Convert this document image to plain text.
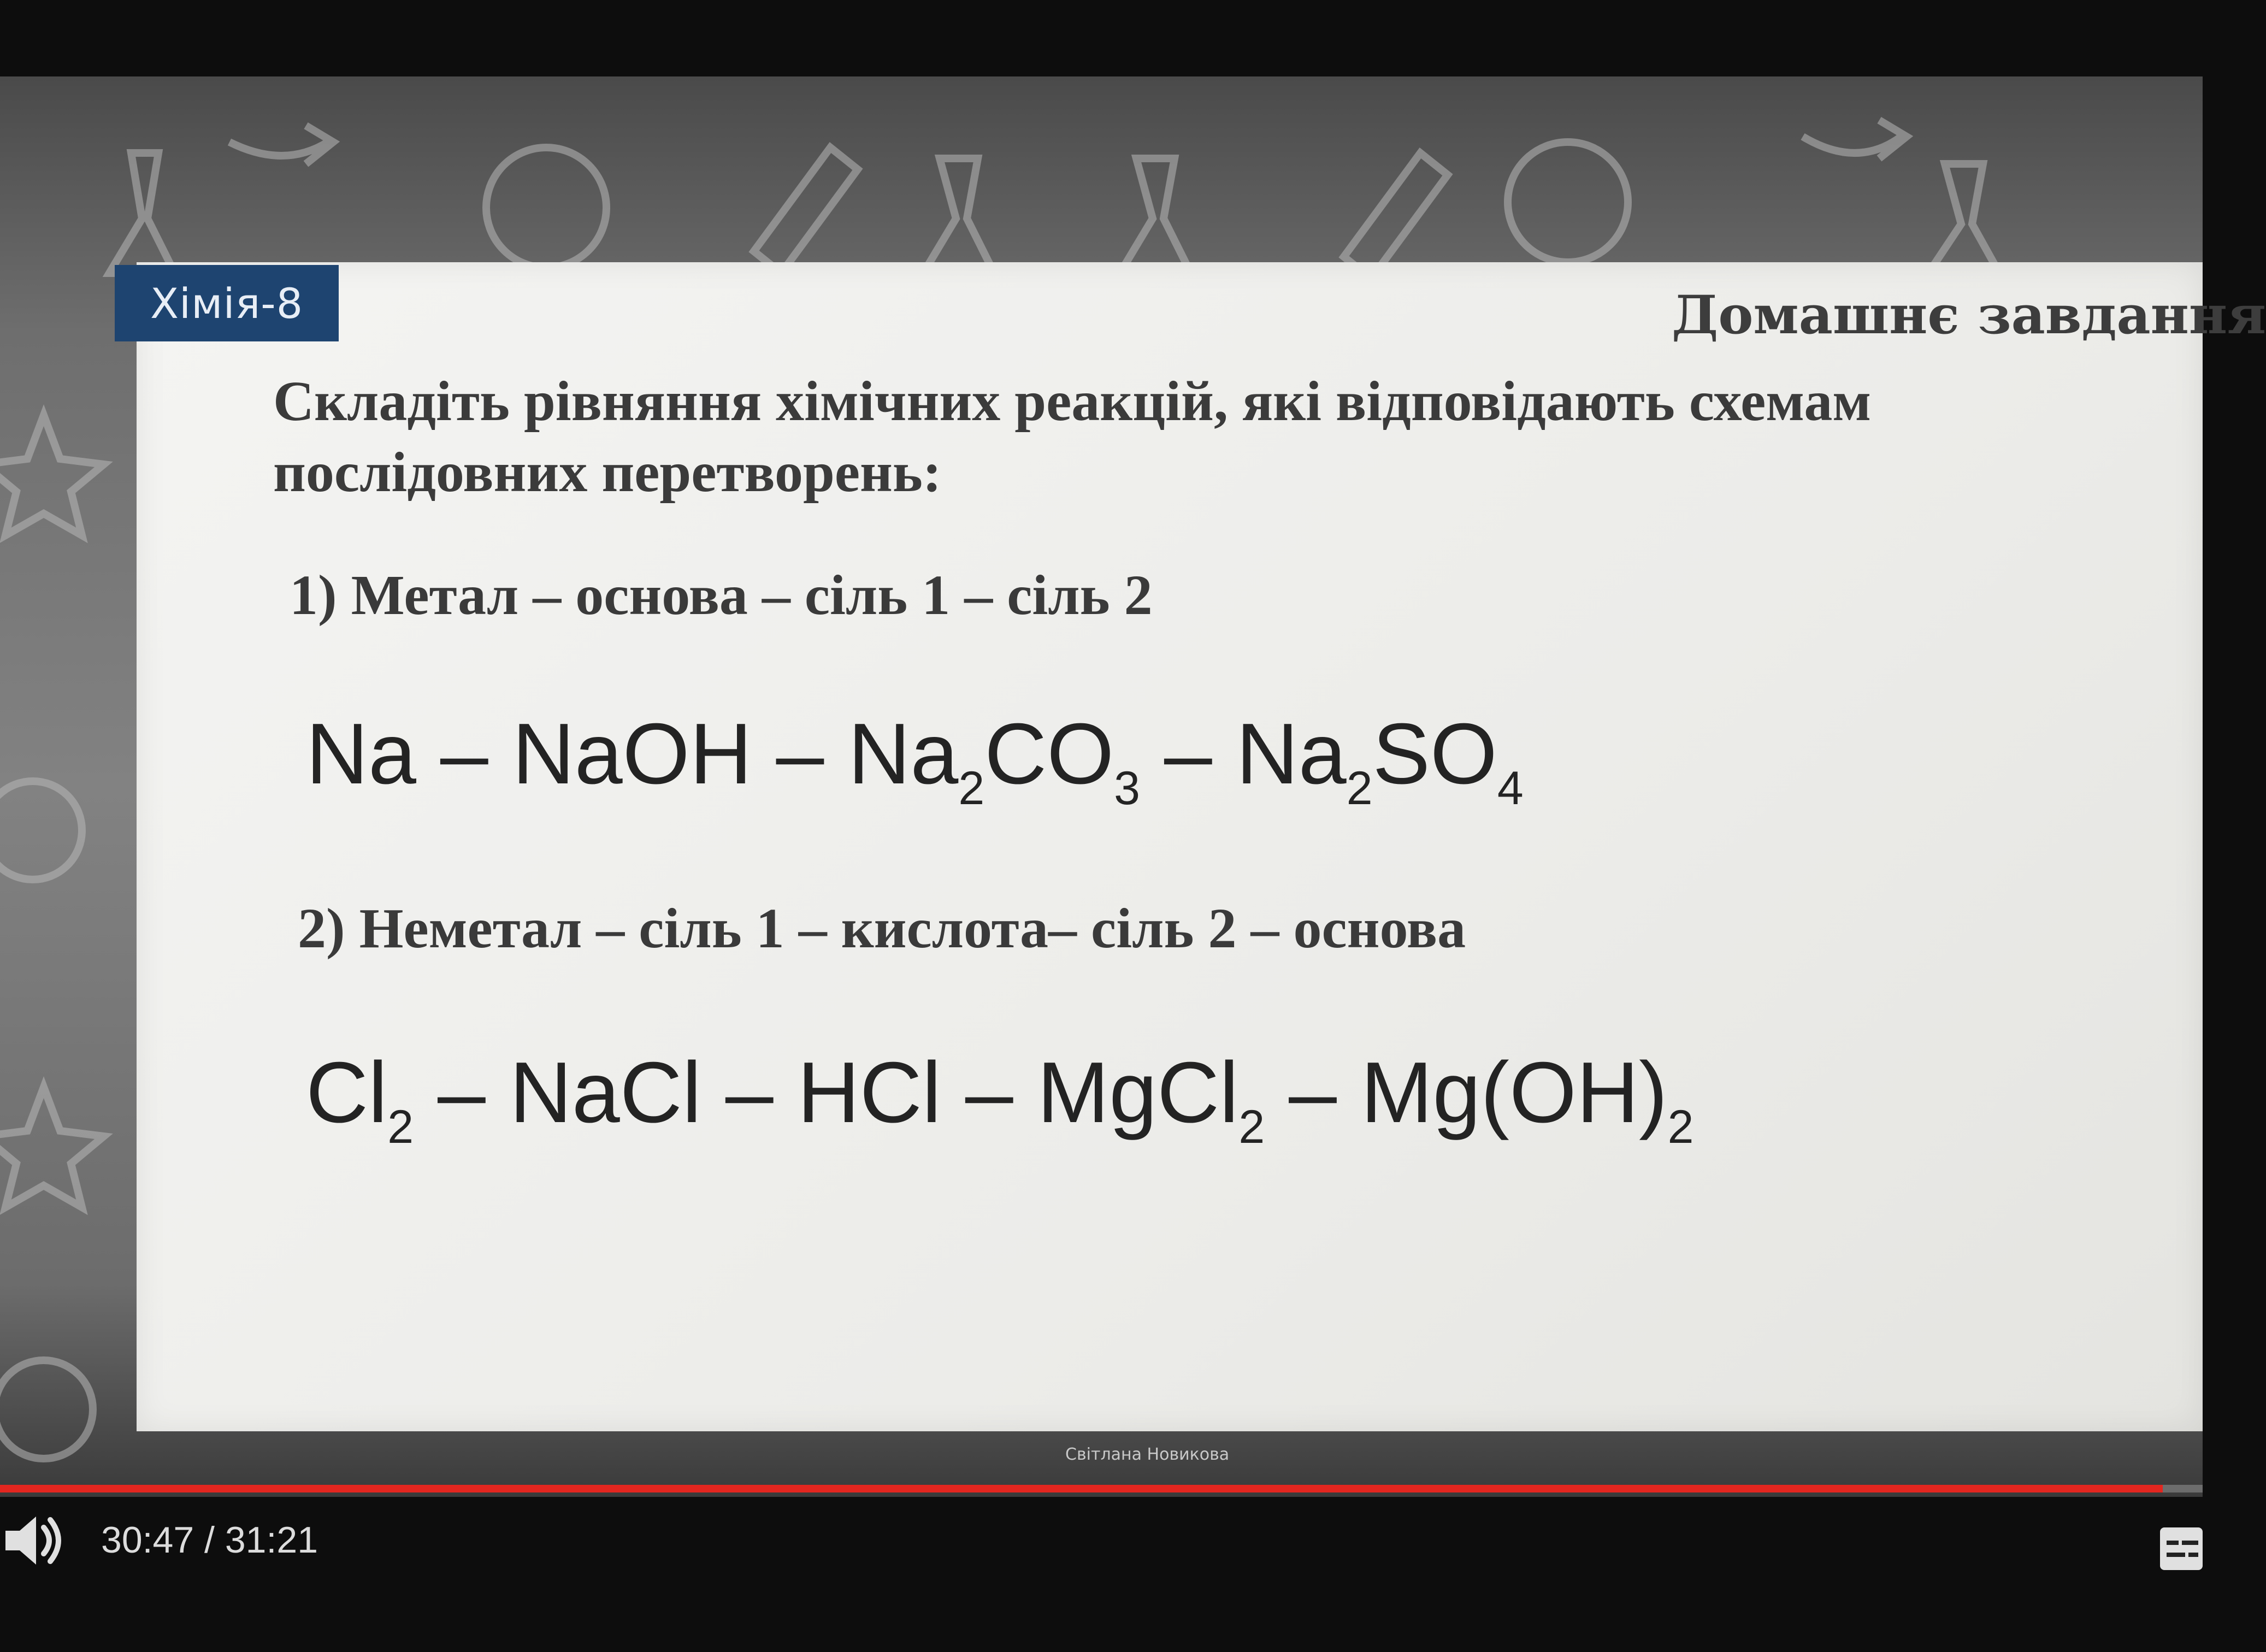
Хімія-8	Домашнє завдання
Складіть рівняння хімічних реакцій, які відповідають схемам
послідовних перетворень:
1) Метал – основа – сіль 1 – сіль 2
Na – NaOH – $Na_2CO_3 - Na_2SO_4$
2) Неметал – сіль 1 – кислота– сіль 2 – основа
$Cl_2$ – NaCl – HCl – MgCl$_2$ – $Mg(OH)_2$
Світлана Новикова
30:47 / 31:21
